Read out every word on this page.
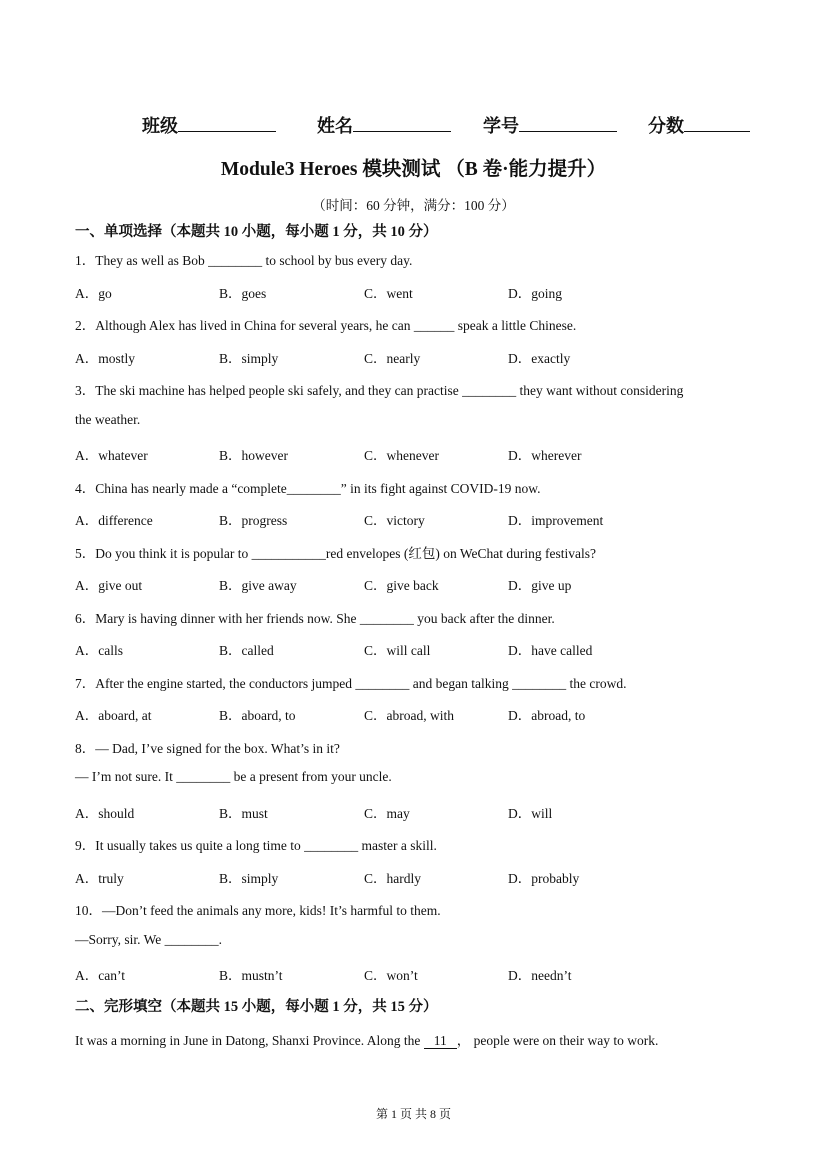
班级	姓名	学号	分数
Module3 Heroes 模块测试 （B 卷·能力提升）
（时间：60 分钟，满分：100 分）
一、单项选择（本题共 10 小题，每小题 1 分，共 10 分）
1．They as well as Bob ________ to school by bus every day.
A．go	B．goes	C．went	D．going
2．Although Alex has lived in China for several years, he can ______ speak a little Chinese.
A．mostly	B．simply	C．nearly	D．exactly
3．The ski machine has helped people ski safely, and they can practise ________ they want without considering
the weather.
A．whatever	B．however	C．whenever	D．wherever
4．China has nearly made a “complete________” in its fight against COVID-19 now.
A．difference	B．progress	C．victory	D．improvement
5．Do you think it is popular to ___________red envelopes (红包) on WeChat during festivals?
A．give out	B．give away	C．give back	D．give up
6．Mary is having dinner with her friends now. She ________ you back after the dinner.
A．calls	B．called	C．will call	D．have called
7．After the engine started, the conductors jumped ________ and began talking ________ the crowd.
A．aboard, at	B．aboard, to	C．abroad, with	D．abroad, to
8．— Dad, I’ve signed for the box. What’s in it?
— I’m not sure. It ________ be a present from your uncle.
A．should	B．must	C．may	D．will
9．It usually takes us quite a long time to ________ master a skill.
A．truly	B．simply	C．hardly	D．probably
10．—Don’t feed the animals any more, kids! It’s harmful to them.
—Sorry, sir. We ________.
A．can’t	B．mustn’t	C．won’t	D．needn’t
二、完形填空（本题共 15 小题，每小题 1 分，共 15 分）
It was a morning in June in Datong, Shanxi Province. Along the 11 ， people were on their way to work.
第 1 页 共 8 页
